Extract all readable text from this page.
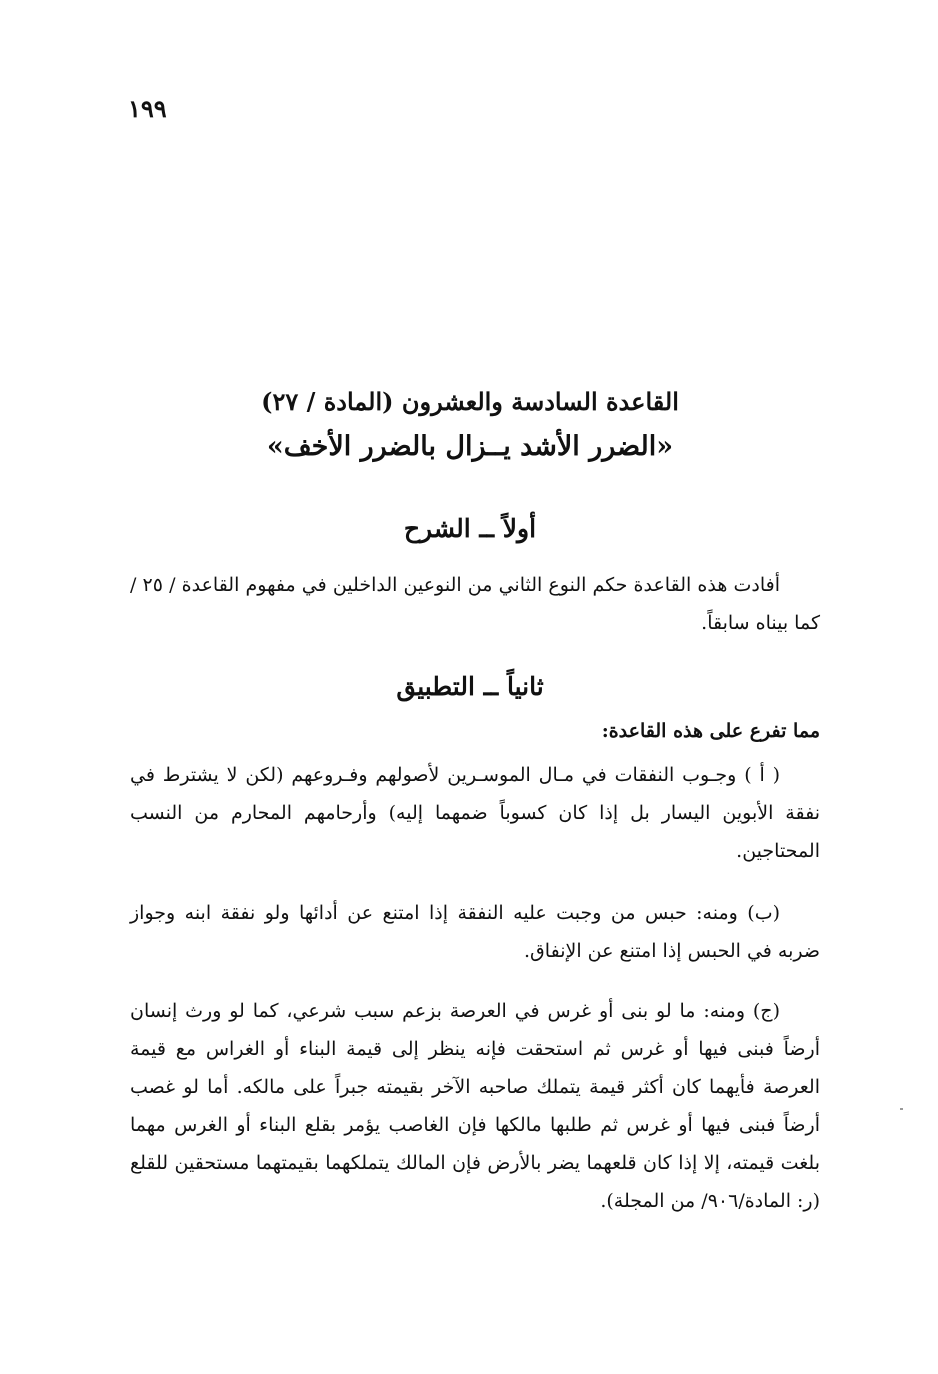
١٩٩

القاعدة السادسة والعشرون (المادة / ٢٧)

«الضرر الأشد يــزال بالضرر الأخف»

أولاً ــ الشرح

أفادت هذه القاعدة حكم النوع الثاني من النوعين الداخلين في مفهوم القاعدة / ٢٥ / كما بيناه سابقاً.

ثانياً ــ التطبيق

مما تفرع على هذه القاعدة:

( أ ) وجـوب النفقات في مـال الموسـرين لأصولهم وفـروعهم (لكن لا يشترط في نفقة الأبوين اليسار بل إذا كان كسوباً ضمهما إليه) وأرحامهم المحارم من النسب المحتاجين.

(ب) ومنه: حبس من وجبت عليه النفقة إذا امتنع عن أدائها ولو نفقة ابنه وجواز ضربه في الحبس إذا امتنع عن الإنفاق.

(ج) ومنه: ما لو بنى أو غرس في العرصة بزعم سبب شرعي، كما لو ورث إنسان أرضاً فبنى فيها أو غرس ثم استحقت فإنه ينظر إلى قيمة البناء أو الغراس مع قيمة العرصة فأيهما كان أكثر قيمة يتملك صاحبه الآخر بقيمته جبراً على مالكه. أما لو غصب أرضاً فبنى فيها أو غرس ثم طلبها مالكها فإن الغاصب يؤمر بقلع البناء أو الغرس مهما بلغت قيمته، إلا إذا كان قلعهما يضر بالأرض فإن المالك يتملكهما بقيمتهما مستحقين للقلع (ر: المادة/٩٠٦/ من المجلة).
